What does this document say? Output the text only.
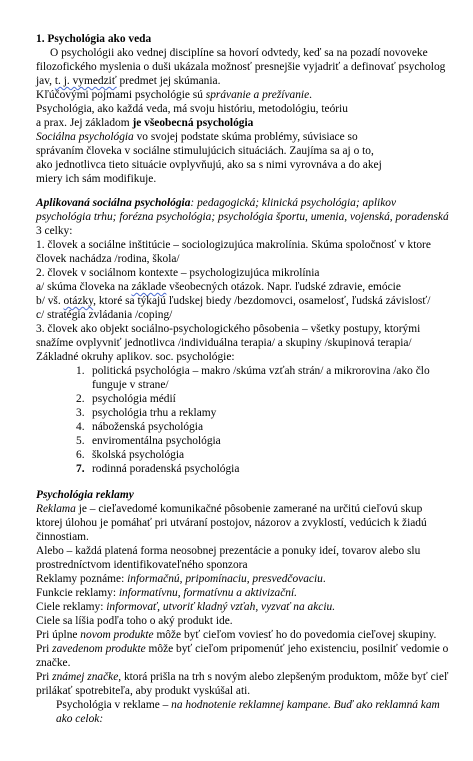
1. Psychológia ako veda
O psychológii ako vednej disciplíne sa hovorí odvtedy, keď sa na pozadí novoveke
filozofického myslenia o duši ukázala možnosť presnejšie vyjadriť a definovať psycholog
jav, t. j. vymedziť predmet jej skúmania.
Kľúčovými pojmami psychológie sú správanie a prežívanie.
Psychológia, ako každá veda, má svoju históriu, metodológiu, teóriu
a prax. Jej základom je všeobecná psychológia
Sociálna psychológia vo svojej podstate skúma problémy, súvisiace so
správaním človeka v sociálne stimulujúcich situáciách. Zaujíma sa aj o to,
ako jednotlivca tieto situácie ovplyvňujú, ako sa s nimi vyrovnáva a do akej
miery ich sám modifikuje.
Aplikovaná sociálna psychológia: pedagogická; klinická psychológia; aplikov
psychológia trhu; forézna psychológia; psychológia športu, umenia, vojenská, poradenská
3 celky:
1. človek a sociálne inštitúcie – sociologizujúca makrolínia. Skúma spoločnosť v ktore
človek nachádza /rodina, škola/
2. človek v sociálnom kontexte – psychologizujúca mikrolínia
a/ skúma človeka na základe všeobecných otázok. Napr. ľudské zdravie, emócie
b/ vš. otázky, ktoré sa týkajú ľudskej biedy /bezdomovci, osamelosť, ľudská závislosť/
c/ stratégia zvládania /coping/
3. človek ako objekt sociálno-psychologického pôsobenia – všetky postupy, ktorými
snažíme ovplyvniť jednotlivca /individuálna terapia/ a skupiny /skupinová terapia/
Základné okruhy aplikov. soc. psychológie:
1. politická psychológia – makro /skúma vzťah strán/ a mikrorovina /ako člo
funguje v strane/
2. psychológia médií
3. psychológia trhu a reklamy
4. náboženská psychológia
5. enviromentálna psychológia
6. školská psychológia
7. rodinná poradenská psychológia
Psychológia reklamy
Reklama je – cieľavedomé komunikačné pôsobenie zamerané na určitú cieľovú skup
ktorej úlohou je pomáhať pri utváraní postojov, názorov a zvyklostí, vedúcich k žiadú
činnostiam.
Alebo – každá platená forma neosobnej prezentácie a ponuky ideí, tovarov alebo slu
prostredníctvom identifikovateľného sponzora
Reklamy poznáme: informačnú, pripomínaciu, presvedčovaciu.
Funkcie reklamy: informatívnu, formatívnu a aktivizační.
Ciele reklamy: informovať, utvoriť kladný vzťah, vyzvať na akciu.
Ciele sa líšia podľa toho o aký produkt ide.
Pri úplne novom produkte môže byť cieľom voviesť ho do povedomia cieľovej skupiny.
Pri zavedenom produkte môže byť cieľom pripomenúť jeho existenciu, posilniť vedomie o
značke.
Pri známej značke, ktorá prišla na trh s novým alebo zlepšeným produktom, môže byť cieľ
prilákať spotrebiteľa, aby produkt vyskúšal ati.
Psychológia v reklame – na hodnotenie reklamnej kampane. Buď ako reklamná kam
ako celok:
